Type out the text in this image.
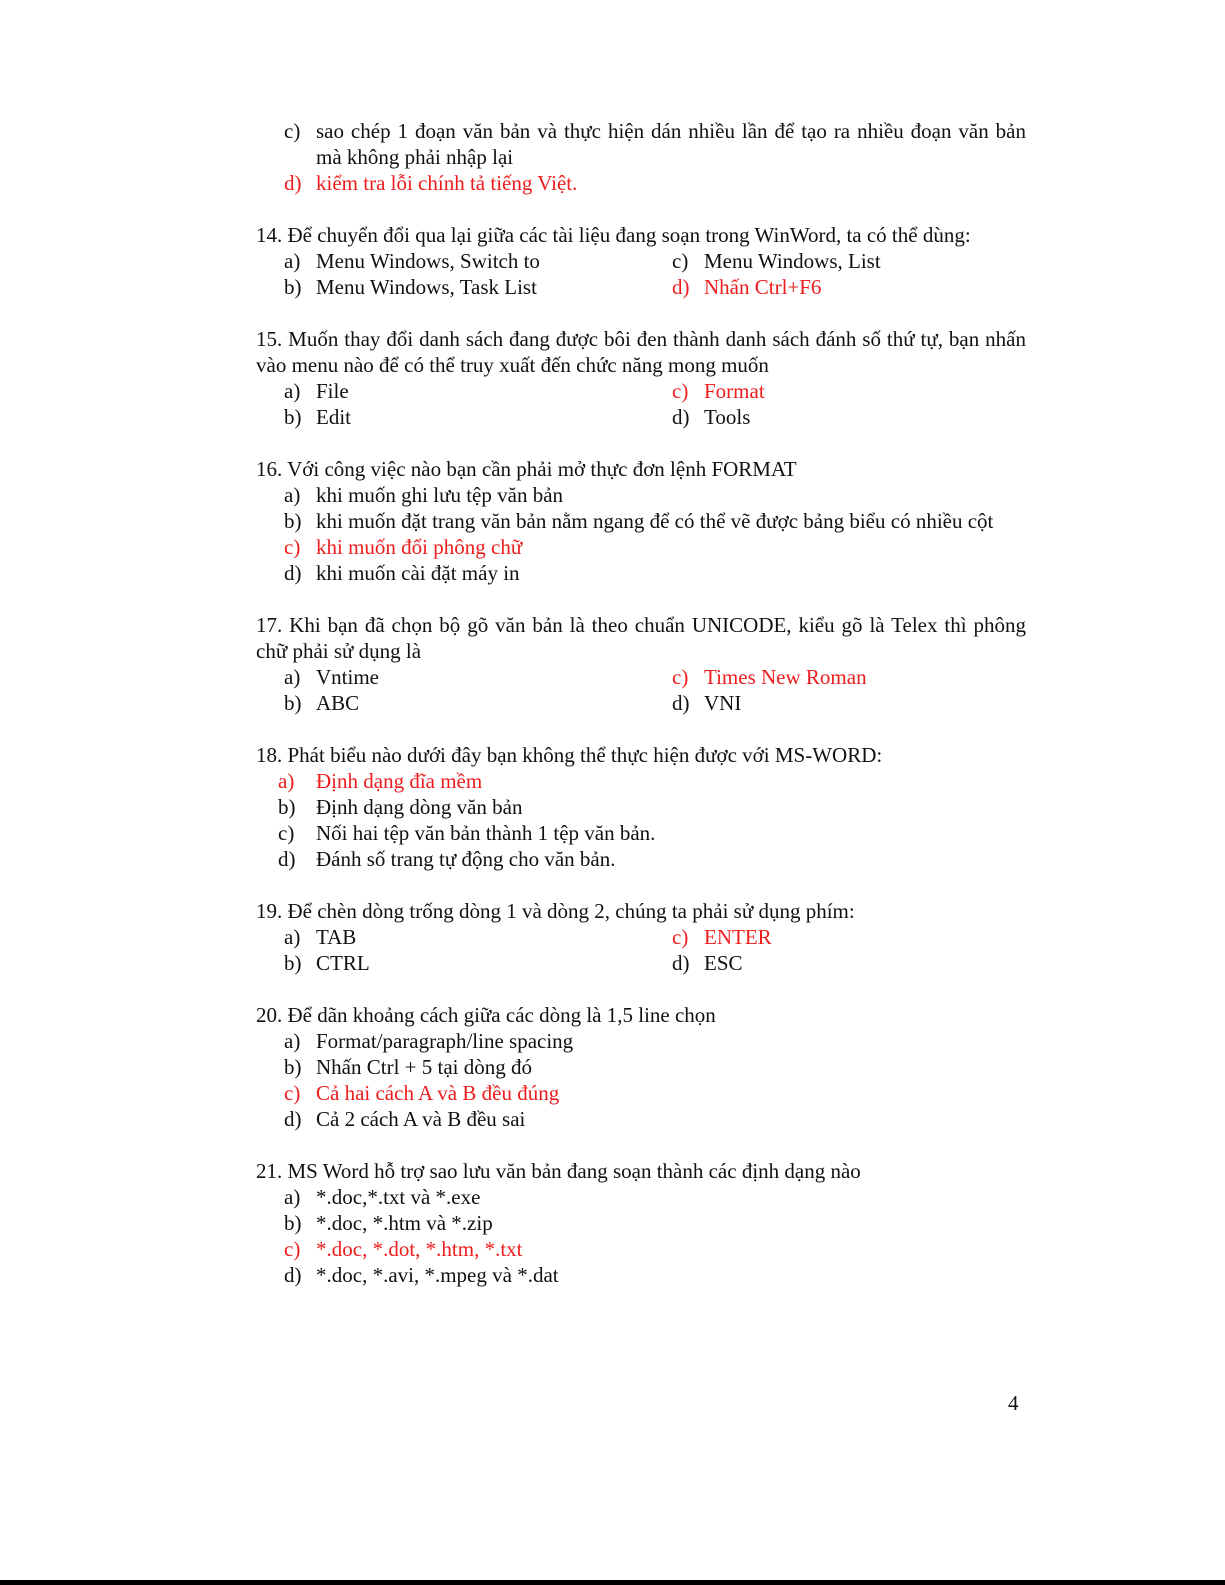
c) sao chép 1 đoạn văn bản và thực hiện dán nhiều lần để tạo ra nhiều đoạn văn bản mà không phải nhập lại
d) kiểm tra lỗi chính tả tiếng Việt.

14. Để chuyển đổi qua lại giữa các tài liệu đang soạn trong WinWord, ta có thể dùng:

a) Menu Windows, Switch to	c) Menu Windows, List
b) Menu Windows, Task List	d) Nhấn Ctrl+F6

15. Muốn thay đổi danh sách đang được bôi đen thành danh sách đánh số thứ tự, bạn nhấn vào menu nào để có thể truy xuất đến chức năng mong muốn

a) File	c) Format
b) Edit	d) Tools

16. Với công việc nào bạn cần phải mở thực đơn lệnh FORMAT

a) khi muốn ghi lưu tệp văn bản
b) khi muốn đặt trang văn bản nằm ngang để có thể vẽ được bảng biểu có nhiều cột
c) khi muốn đổi phông chữ
d) khi muốn cài đặt máy in

17. Khi bạn đã chọn bộ gõ văn bản là theo chuẩn UNICODE, kiểu gõ là Telex thì phông chữ phải sử dụng là

a) Vntime	c) Times New Roman
b) ABC	d) VNI

18. Phát biểu nào dưới đây bạn không thể thực hiện được với MS-WORD:

a)	Định dạng đĩa mềm
b) Định dạng dòng văn bản
c)	Nối hai tệp văn bản thành 1 tệp văn bản.
d) Đánh số trang tự động cho văn bản.

19. Để chèn dòng trống dòng 1 và dòng 2, chúng ta phải sử dụng phím:

a) TAB	c) ENTER
b) CTRL	d) ESC

20. Để dãn khoảng cách giữa các dòng là 1,5 line chọn

a) Format/paragraph/line spacing
b) Nhấn Ctrl + 5 tại dòng đó
c) Cả hai cách A và B đều đúng
d) Cả 2 cách A và B đều sai

21. MS Word hỗ trợ sao lưu văn bản đang soạn thành các định dạng nào

a) *.doc,*.txt và *.exe
b) *.doc, *.htm và *.zip
c) *.doc, *.dot, *.htm, *.txt
d) *.doc, *.avi, *.mpeg và *.dat
4
